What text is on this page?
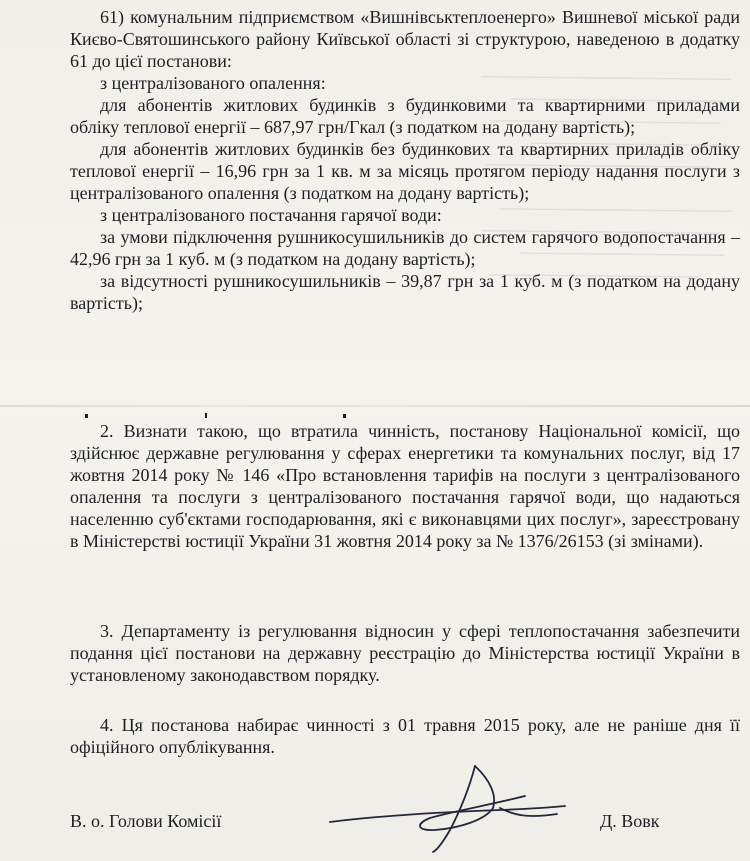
61) комунальним підприємством «Вишнівськтеплоенерго» Вишневої міської ради Києво-Святошинського району Київської області зі структурою, наведеною в додатку 61 до цієї постанови:

з централізованого опалення:

для абонентів житлових будинків з будинковими та квартирними приладами обліку теплової енергії – 687,97 грн/Гкал (з податком на додану вартість);

для абонентів житлових будинків без будинкових та квартирних приладів обліку теплової енергії – 16,96 грн за 1 кв. м за місяць протягом періоду надання послуги з централізованого опалення (з податком на додану вартість);

з централізованого постачання гарячої води:

за умови підключення рушникосушильників до систем гарячого водопостачання – 42,96 грн за 1 куб. м (з податком на додану вартість);

за відсутності рушникосушильників – 39,87 грн за 1 куб. м (з податком на додану вартість);

2. Визнати такою, що втратила чинність, постанову Національної комісії, що здійснює державне регулювання у сферах енергетики та комунальних послуг, від 17 жовтня 2014 року № 146 «Про встановлення тарифів на послуги з централізованого опалення та послуги з централізованого постачання гарячої води, що надаються населенню суб'єктами господарювання, які є виконавцями цих послуг», зареєстровану в Міністерстві юстиції України 31 жовтня 2014 року за № 1376/26153 (зі змінами).

3. Департаменту із регулювання відносин у сфері теплопостачання забезпечити подання цієї постанови на державну реєстрацію до Міністерства юстиції України в установленому законодавством порядку.

4. Ця постанова набирає чинності з 01 травня 2015 року, але не раніше дня її офіційного опублікування.

В. о. Голови Комісії	Д. Вовк
